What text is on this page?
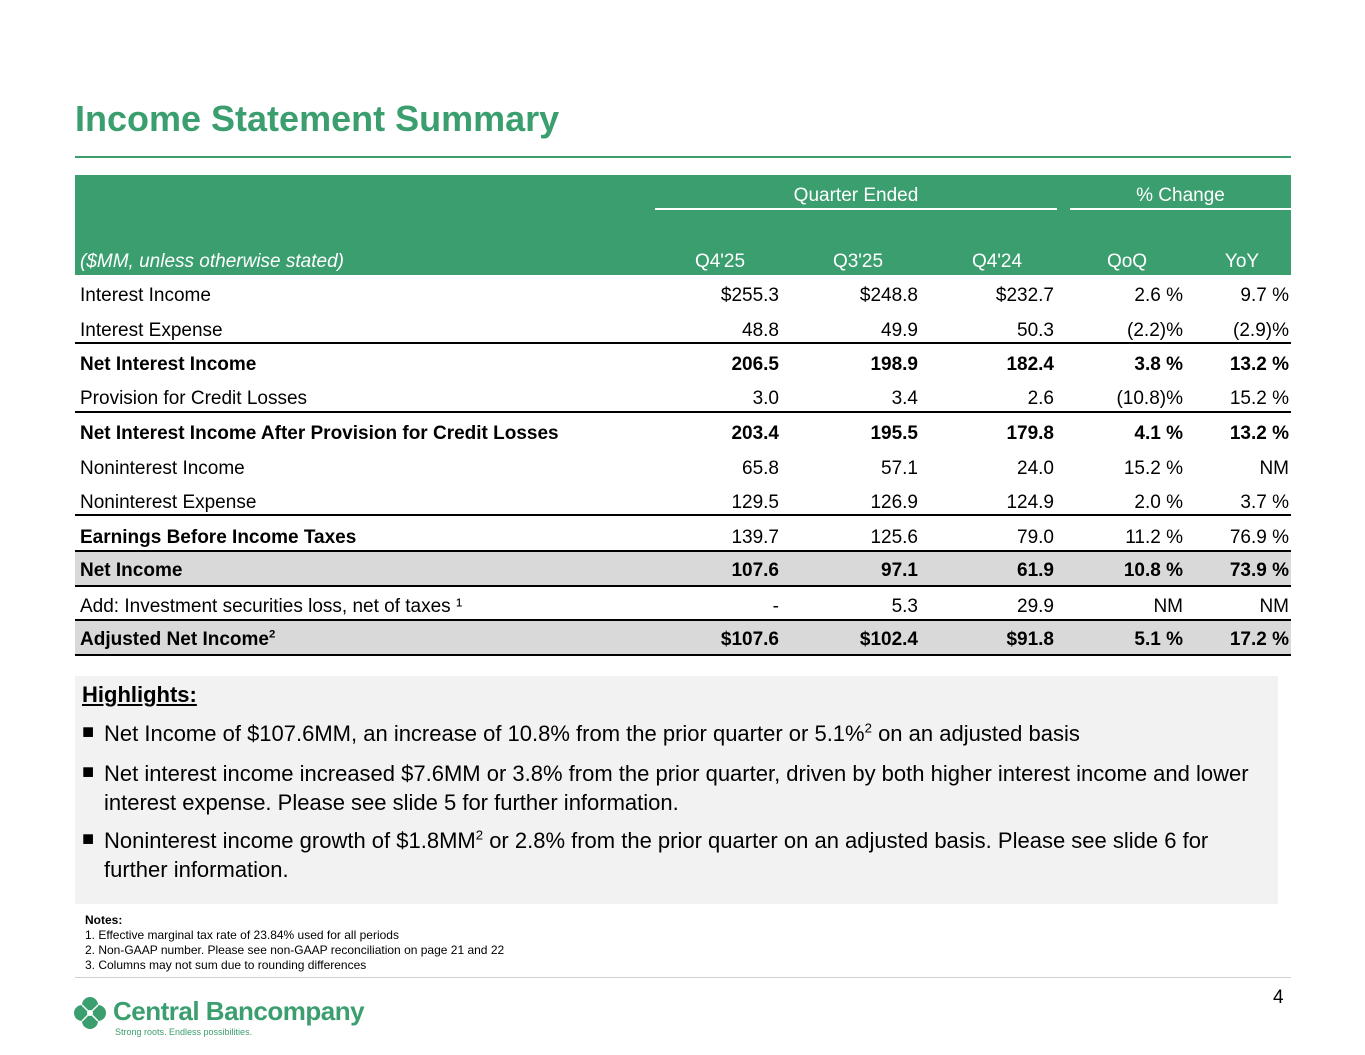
Income Statement Summary
Quarter Ended	% Change
($MM, unless otherwise stated)	Q4'25	Q3'25	Q4'24	QoQ	YoY
Interest Income	$255.3	$248.8	$232.7	2.6 %	9.7 %
Interest Expense	48.8	49.9	50.3	(2.2)%	(2.9)%
Net Interest Income	206.5	198.9	182.4	3.8 % 13.2 %
Provision for Credit Losses	3.0	3.4	2.6	(10.8)% 15.2 %
Net Interest Income After Provision for Credit Losses	203.4	195.5	179.8	4.1 % 13.2 %
Noninterest Income	65.8	57.1	24.0	15.2 %	NM
Noninterest Expense	129.5	126.9	124.9	2.0 %	3.7 %
Earnings Before Income Taxes	139.7	125.6	79.0	11.2 % 76.9 %
Net Income	107.6	97.1	61.9	10.8 % 73.9 %
Add: Investment securities loss, net of taxes ¹	-	5.3	29.9	NM	NM
Adjusted Net Income$^2$	$107.6	$102.4	$91.8	5.1 % 17.2 %
Highlights:
■ Net Income of $107.6MM, an increase of 10.8% from the prior quarter or 5.1%$^2$ on an adjusted basis
■ Net interest income increased $7.6MM or 3.8% from the prior quarter, driven by both higher interest income and lower interest expense. Please see slide 5 for further information.
■ Noninterest income growth of $\$1.8MM^2$ or 2.8% from the prior quarter on an adjusted basis. Please see slide 6 for further information.
Notes:
1. Effective marginal tax rate of 23.84% used for all periods
2. Non-GAAP number. Please see non-GAAP reconciliation on page 21 and 22
3. Columns may not sum due to rounding differences
4
Central Bancompany
Strong roots. Endless possibilities.
